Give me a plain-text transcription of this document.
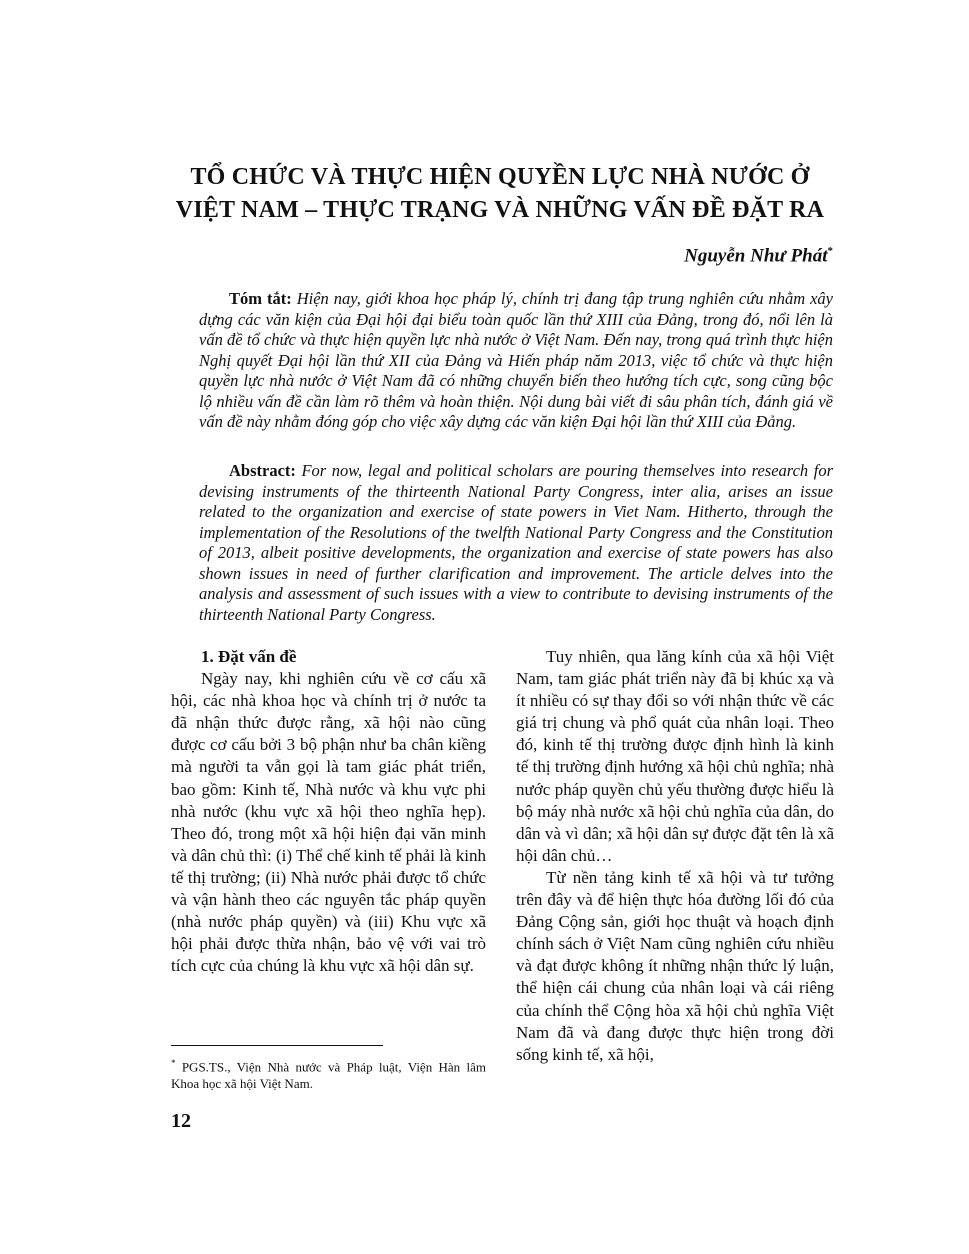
TỔ CHỨC VÀ THỰC HIỆN QUYỀN LỰC NHÀ NƯỚC Ở
VIỆT NAM – THỰC TRẠNG VÀ NHỮNG VẤN ĐỀ ĐẶT RA
Nguyễn Như Phát*

Tóm tắt: Hiện nay, giới khoa học pháp lý, chính trị đang tập trung nghiên cứu nhằm xây dựng các văn kiện của Đại hội đại biểu toàn quốc lần thứ XIII của Đảng, trong đó, nổi lên là vấn đề tổ chức và thực hiện quyền lực nhà nước ở Việt Nam. Đến nay, trong quá trình thực hiện Nghị quyết Đại hội lần thứ XII của Đảng và Hiến pháp năm 2013, việc tổ chức và thực hiện quyền lực nhà nước ở Việt Nam đã có những chuyển biến theo hướng tích cực, song cũng bộc lộ nhiều vấn đề cần làm rõ thêm và hoàn thiện. Nội dung bài viết đi sâu phân tích, đánh giá về vấn đề này nhằm đóng góp cho việc xây dựng các văn kiện Đại hội lần thứ XIII của Đảng.

Abstract: For now, legal and political scholars are pouring themselves into research for devising instruments of the thirteenth National Party Congress, inter alia, arises an issue related to the organization and exercise of state powers in Viet Nam. Hitherto, through the implementation of the Resolutions of the twelfth National Party Congress and the Constitution of 2013, albeit positive developments, the organization and exercise of state powers has also shown issues in need of further clarification and improvement. The article delves into the analysis and assessment of such issues with a view to contribute to devising instruments of the thirteenth National Party Congress.

1. Đặt vấn đề

Ngày nay, khi nghiên cứu về cơ cấu xã hội, các nhà khoa học và chính trị ở nước ta đã nhận thức được rằng, xã hội nào cũng được cơ cấu bởi 3 bộ phận như ba chân kiềng mà người ta vẫn gọi là tam giác phát triển, bao gồm: Kinh tế, Nhà nước và khu vực phi nhà nước (khu vực xã hội theo nghĩa hẹp). Theo đó, trong một xã hội hiện đại văn minh và dân chủ thì: (i) Thể chế kinh tế phải là kinh tế thị trường; (ii) Nhà nước phải được tổ chức và vận hành theo các nguyên tắc pháp quyền (nhà nước pháp quyền) và (iii) Khu vực xã hội phải được thừa nhận, bảo vệ với vai trò tích cực của chúng là khu vực xã hội dân sự.

Tuy nhiên, qua lăng kính của xã hội Việt Nam, tam giác phát triển này đã bị khúc xạ và ít nhiều có sự thay đổi so với nhận thức về các giá trị chung và phổ quát của nhân loại. Theo đó, kinh tế thị trường được định hình là kinh tế thị trường định hướng xã hội chủ nghĩa; nhà nước pháp quyền chủ yếu thường được hiểu là bộ máy nhà nước xã hội chủ nghĩa của dân, do dân và vì dân; xã hội dân sự được đặt tên là xã hội dân chủ…

Từ nền tảng kinh tế xã hội và tư tưởng trên đây và để hiện thực hóa đường lối đó của Đảng Cộng sản, giới học thuật và hoạch định chính sách ở Việt Nam cũng nghiên cứu nhiều và đạt được không ít những nhận thức lý luận, thể hiện cái chung của nhân loại và cái riêng của chính thể Cộng hòa xã hội chủ nghĩa Việt Nam đã và đang được thực hiện trong đời sống kinh tế, xã hội,

* PGS.TS., Viện Nhà nước và Pháp luật, Viện Hàn lâm Khoa học xã hội Việt Nam.

12
